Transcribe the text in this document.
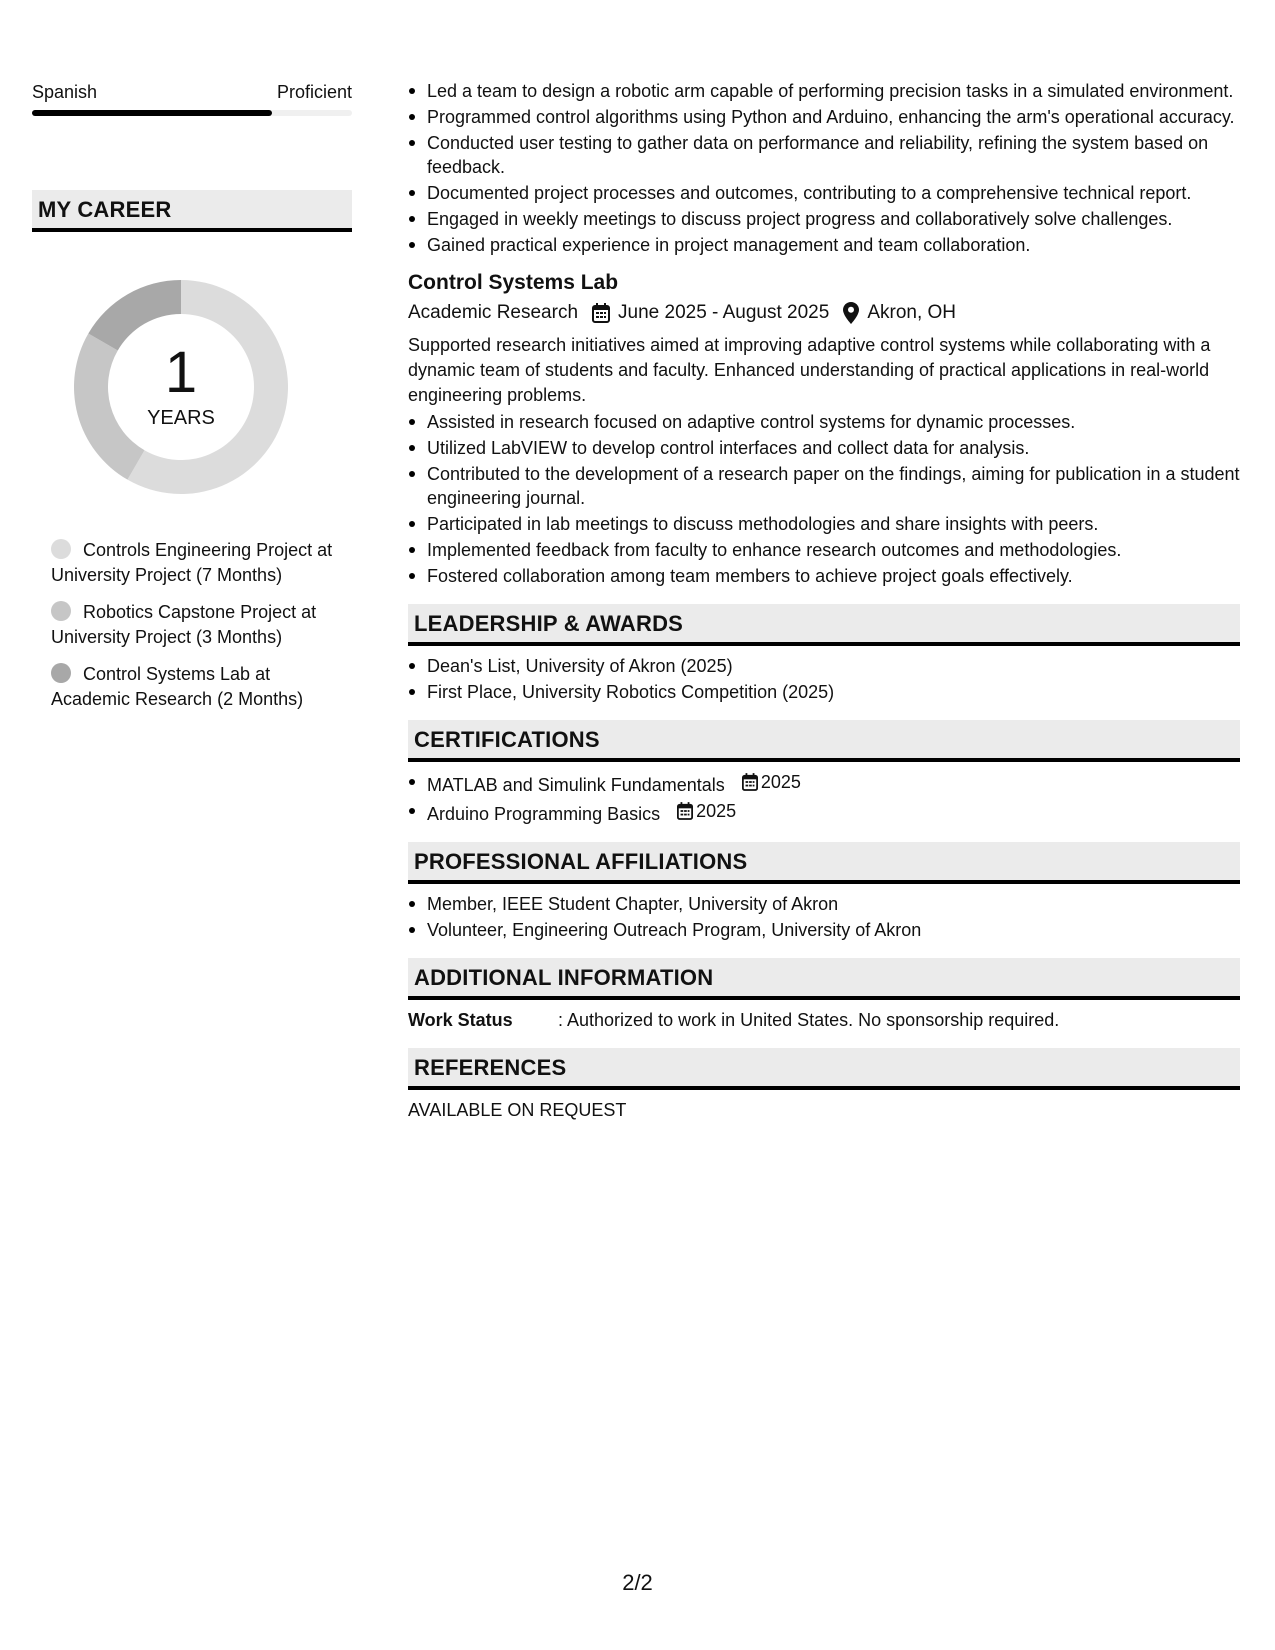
Spanish	Proficient
MY CAREER
1
YEARS
Controls Engineering Project at University Project (7 Months)
Robotics Capstone Project at University Project (3 Months)
Control Systems Lab at Academic Research (2 Months)
Led a team to design a robotic arm capable of performing precision tasks in a simulated environment.
Programmed control algorithms using Python and Arduino, enhancing the arm's operational accuracy.
Conducted user testing to gather data on performance and reliability, refining the system based on feedback.
Documented project processes and outcomes, contributing to a comprehensive technical report.
Engaged in weekly meetings to discuss project progress and collaboratively solve challenges.
Gained practical experience in project management and team collaboration.
Control Systems Lab
Academic Research June 2025 - August 2025 Akron, OH
Supported research initiatives aimed at improving adaptive control systems while collaborating with a dynamic team of students and faculty. Enhanced understanding of practical applications in real-world engineering problems.
Assisted in research focused on adaptive control systems for dynamic processes.
Utilized LabVIEW to develop control interfaces and collect data for analysis.
Contributed to the development of a research paper on the findings, aiming for publication in a student engineering journal.
Participated in lab meetings to discuss methodologies and share insights with peers.
Implemented feedback from faculty to enhance research outcomes and methodologies.
Fostered collaboration among team members to achieve project goals effectively.
LEADERSHIP & AWARDS
Dean's List, University of Akron (2025)
First Place, University Robotics Competition (2025)
CERTIFICATIONS
MATLAB and Simulink Fundamentals 2025
Arduino Programming Basics 2025
PROFESSIONAL AFFILIATIONS
Member, IEEE Student Chapter, University of Akron
Volunteer, Engineering Outreach Program, University of Akron
ADDITIONAL INFORMATION
Work Status	: Authorized to work in United States. No sponsorship required.
REFERENCES
AVAILABLE ON REQUEST
2/2
